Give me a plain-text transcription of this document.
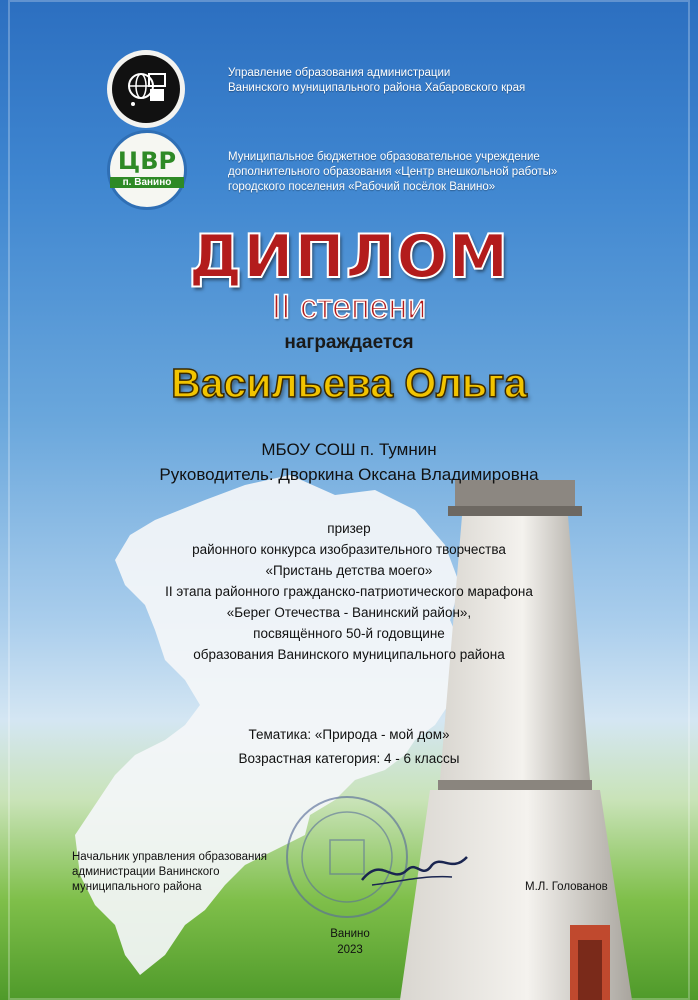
ЦВР
п. Ванино
Управление образования администрации
Ванинского муниципального района Хабаровского края
Муниципальное бюджетное образовательное учреждение
дополнительного образования «Центр внешкольной работы»
городского поселения «Рабочий посёлок Ванино»
ДИПЛОМ
II степени
награждается
Васильева Ольга
МБОУ СОШ п. Тумнин
Руководитель: Дворкина Оксана Владимировна
призер
районного конкурса изобразительного творчества
«Пристань детства моего»
II этапа районного гражданско-патриотического марафона
«Берег Отечества - Ванинский район»,
посвящённого 50-й годовщине
образования Ванинского муниципального района
Тематика: «Природа - мой дом»
Возрастная категория: 4 - 6 классы
Начальник управления образования
администрации Ванинского
муниципального района	М.Л. Голованов
Ванино
2023
